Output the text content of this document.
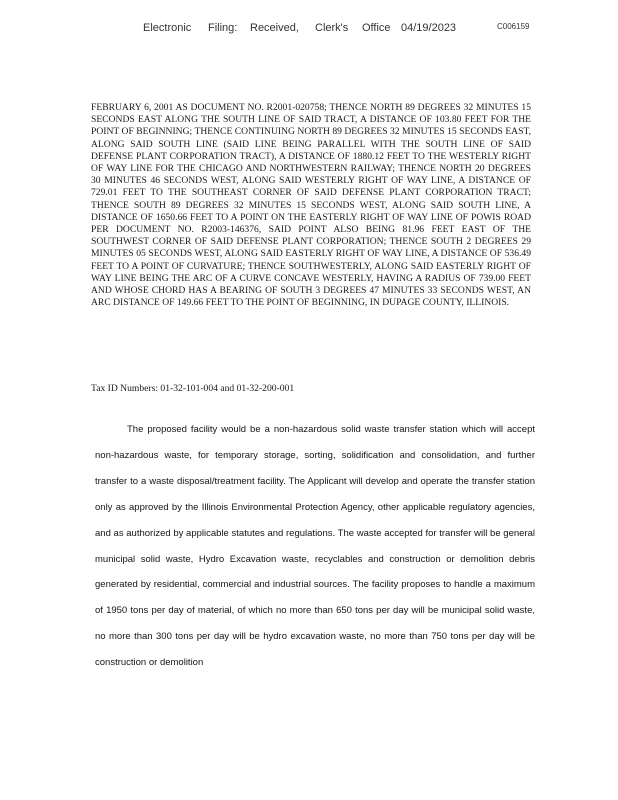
Electronic Filing: Received, Clerk's Office 04/19/2023	C006159

FEBRUARY 6, 2001 AS DOCUMENT NO. R2001-020758; THENCE NORTH 89 DEGREES 32 MINUTES 15 SECONDS EAST ALONG THE SOUTH LINE OF SAID TRACT, A DISTANCE OF 103.80 FEET FOR THE POINT OF BEGINNING; THENCE CONTINUING NORTH 89 DEGREES 32 MINUTES 15 SECONDS EAST, ALONG SAID SOUTH LINE (SAID LINE BEING PARALLEL WITH THE SOUTH LINE OF SAID DEFENSE PLANT CORPORATION TRACT), A DISTANCE OF 1880.12 FEET TO THE WESTERLY RIGHT OF WAY LINE FOR THE CHICAGO AND NORTHWESTERN RAILWAY; THENCE NORTH 20 DEGREES 30 MINUTES 46 SECONDS WEST, ALONG SAID WESTERLY RIGHT OF WAY LINE, A DISTANCE OF 729.01 FEET TO THE SOUTHEAST CORNER OF SAID DEFENSE PLANT CORPORATION TRACT; THENCE SOUTH 89 DEGREES 32 MINUTES 15 SECONDS WEST, ALONG SAID SOUTH LINE, A DISTANCE OF 1650.66 FEET TO A POINT ON THE EASTERLY RIGHT OF WAY LINE OF POWIS ROAD PER DOCUMENT NO. R2003-146376, SAID POINT ALSO BEING 81.96 FEET EAST OF THE SOUTHWEST CORNER OF SAID DEFENSE PLANT CORPORATION; THENCE SOUTH 2 DEGREES 29 MINUTES 05 SECONDS WEST, ALONG SAID EASTERLY RIGHT OF WAY LINE, A DISTANCE OF 536.49 FEET TO A POINT OF CURVATURE; THENCE SOUTHWESTERLY, ALONG SAID EASTERLY RIGHT OF WAY LINE BEING THE ARC OF A CURVE CONCAVE WESTERLY, HAVING A RADIUS OF 739.00 FEET AND WHOSE CHORD HAS A BEARING OF SOUTH 3 DEGREES 47 MINUTES 33 SECONDS WEST, AN ARC DISTANCE OF 149.66 FEET TO THE POINT OF BEGINNING, IN DUPAGE COUNTY, ILLINOIS.

Tax ID Numbers: 01-32-101-004 and 01-32-200-001

The proposed facility would be a non-hazardous solid waste transfer station which will accept non-hazardous waste, for temporary storage, sorting, solidification and consolidation, and further transfer to a waste disposal/treatment facility. The Applicant will develop and operate the transfer station only as approved by the Illinois Environmental Protection Agency, other applicable regulatory agencies, and as authorized by applicable statutes and regulations. The waste accepted for transfer will be general municipal solid waste, Hydro Excavation waste, recyclables and construction or demolition debris generated by residential, commercial and industrial sources. The facility proposes to handle a maximum of 1950 tons per day of material, of which no more than 650 tons per day will be municipal solid waste, no more than 300 tons per day will be hydro excavation waste, no more than 750 tons per day will be construction or demolition
